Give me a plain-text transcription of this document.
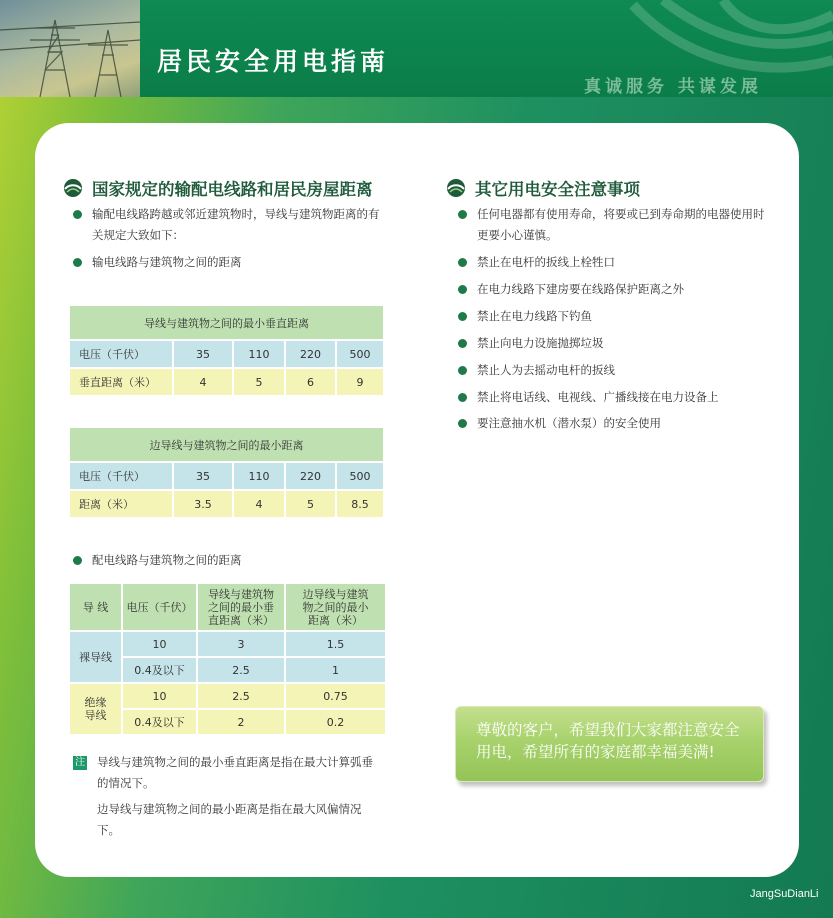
居民安全用电指南
真诚服务 共谋发展
国家规定的输配电线路和居民房屋距离
输配电线路跨越或邻近建筑物时，导线与建筑物距离的有
关规定大致如下：
输电线路与建筑物之间的距离
导线与建筑物之间的最小垂直距离				
电压（千伏）	35	110	220	500
垂直距离（米）	4	5	6	9
边导线与建筑物之间的最小距离				
电压（千伏）	35	110	220	500
距离（米）	3.5	4	5	8.5
配电线路与建筑物之间的距离
导 线	电压（千伏）	导线与建筑物
之间的最小垂
直距离（米）	边导线与建筑
物之间的最小
距离（米）
裸导线	10	3	1.5
	0.4及以下	2.5	1
绝缘
导线	10	2.5	0.75
	0.4及以下	2	0.2
注 导线与建筑物之间的最小垂直距离是指在最大计算弧垂
的情况下。
边导线与建筑物之间的最小距离是指在最大风偏情况
下。
其它用电安全注意事项
任何电器都有使用寿命，将要或已到寿命期的电器使用时
更要小心谨慎。
禁止在电杆的扳线上栓牲口
在电力线路下建房要在线路保护距离之外
禁止在电力线路下钓鱼
禁止向电力设施抛掷垃圾
禁止人为去摇动电杆的扳线
禁止将电话线、电视线、广播线接在电力设备上
要注意抽水机（潜水泵）的安全使用
尊敬的客户，希望我们大家都注意安全
用电，希望所有的家庭都幸福美满!
JangSuDianLi
